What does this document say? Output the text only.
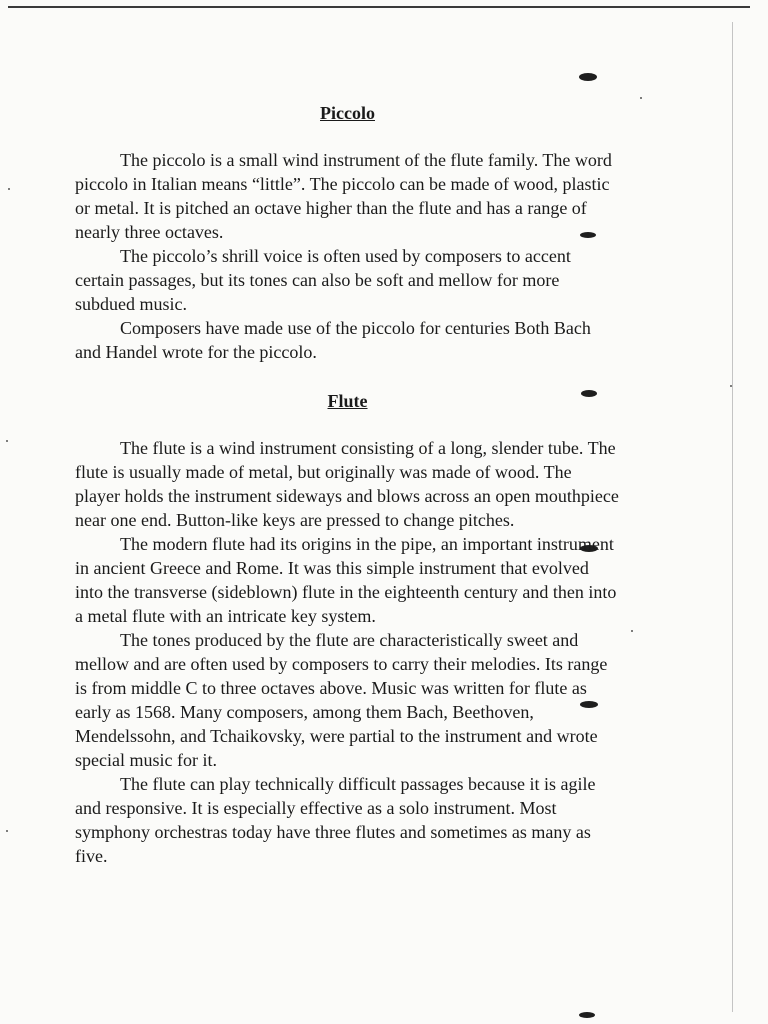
Piccolo

The piccolo is a small wind instrument of the flute family. The word piccolo in Italian means “little”. The piccolo can be made of wood, plastic or metal. It is pitched an octave higher than the flute and has a range of nearly three octaves.

The piccolo’s shrill voice is often used by composers to accent certain passages, but its tones can also be soft and mellow for more subdued music.

Composers have made use of the piccolo for centuries Both Bach and Handel wrote for the piccolo.

Flute

The flute is a wind instrument consisting of a long, slender tube. The flute is usually made of metal, but originally was made of wood. The player holds the instrument sideways and blows across an open mouthpiece near one end. Button-like keys are pressed to change pitches.

The modern flute had its origins in the pipe, an important instrument in ancient Greece and Rome. It was this simple instrument that evolved into the transverse (sideblown) flute in the eighteenth century and then into a metal flute with an intricate key system.

The tones produced by the flute are characteristically sweet and mellow and are often used by composers to carry their melodies. Its range is from middle C to three octaves above. Music was written for flute as early as 1568. Many composers, among them Bach, Beethoven, Mendelssohn, and Tchaikovsky, were partial to the instrument and wrote special music for it.

The flute can play technically difficult passages because it is agile and responsive. It is especially effective as a solo instrument. Most symphony orchestras today have three flutes and sometimes as many as five.
